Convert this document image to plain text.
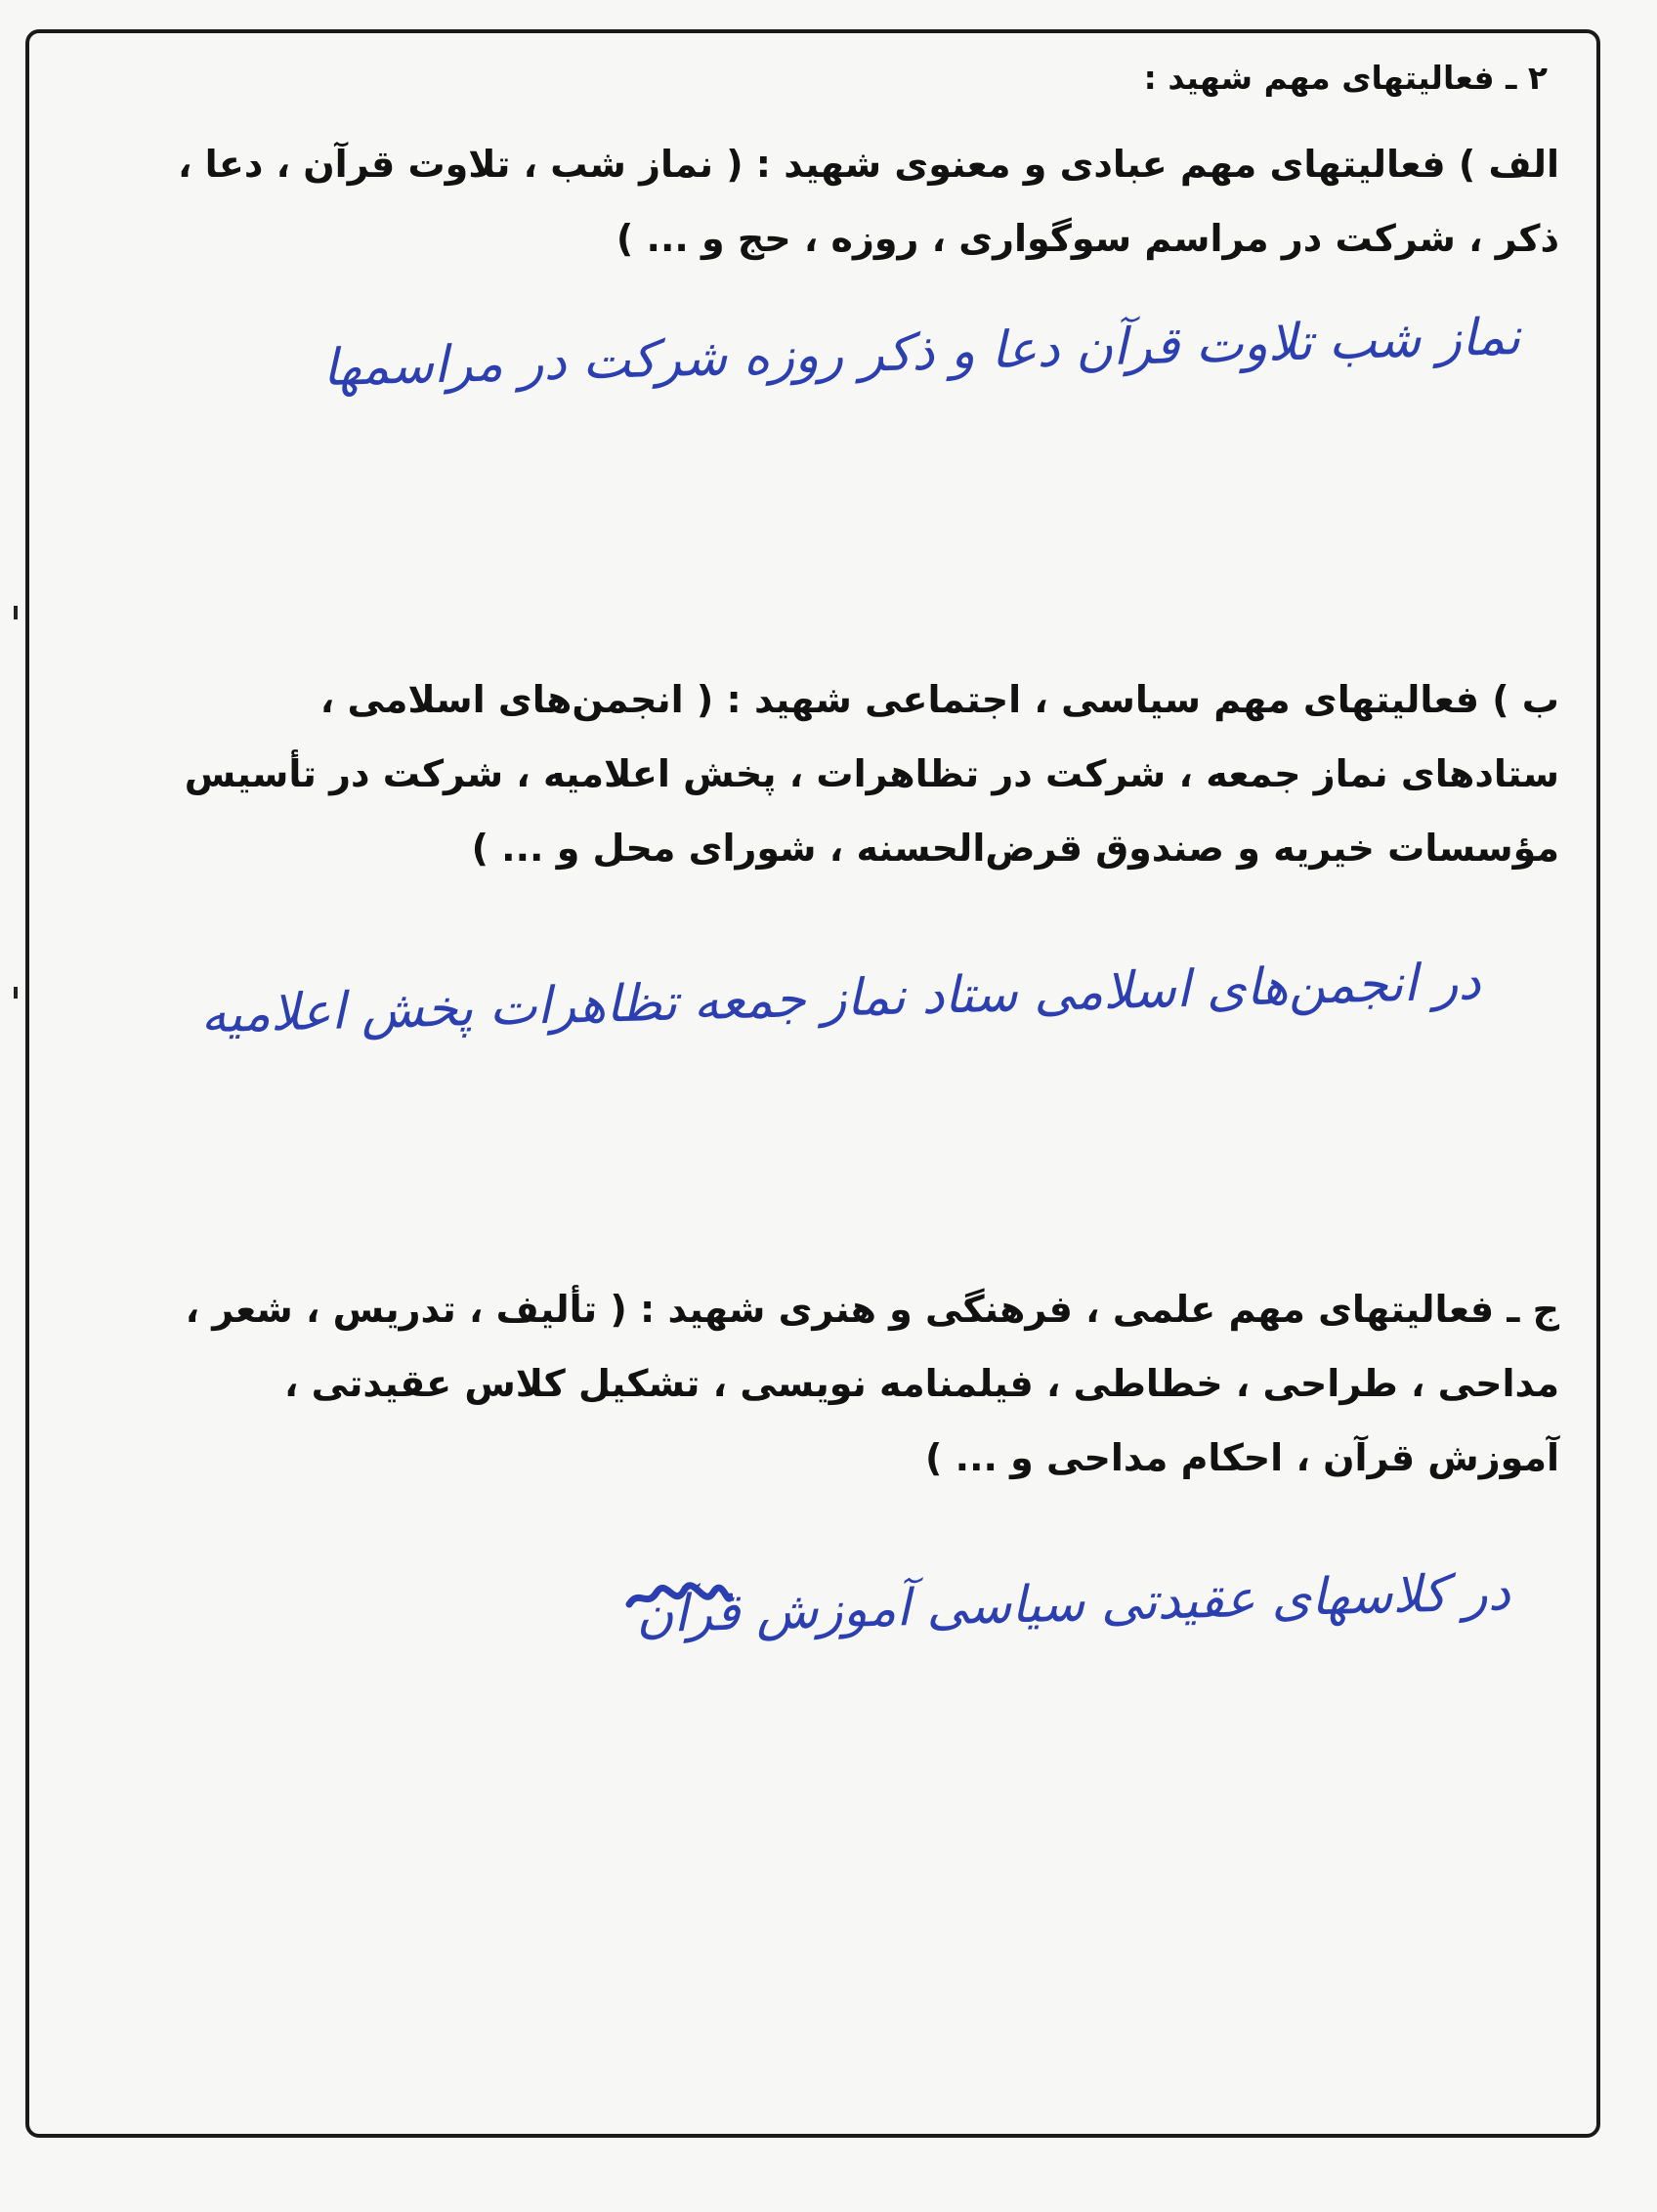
۲ ـ فعالیتهای مهم شهید :

الف ) فعالیتهای مهم عبادی و معنوی شهید : ( نماز شب ، تلاوت قرآن ، دعا ،
ذکر ، شرکت در مراسم سوگواری ، روزه ، حج و ... )

نماز شب تلاوت قرآن دعا و ذکر روزه شرکت در مراسمها

ب ) فعالیتهای مهم سیاسی ، اجتماعی شهید : ( انجمن‌های اسلامی ،
ستادهای نماز جمعه ، شرکت در تظاهرات ، پخش اعلامیه ، شرکت در تأسیس
مؤسسات خیریه و صندوق قرض‌الحسنه ، شورای محل و ... )

در انجمن‌های اسلامی ستاد نماز جمعه تظاهرات پخش اعلامیه

ج ـ فعالیتهای مهم علمی ، فرهنگی و هنری شهید : ( تألیف ، تدریس ، شعر ،
مداحی ، طراحی ، خطاطی ، فیلمنامه نویسی ، تشکیل کلاس عقیدتی ،
آموزش قرآن ، احکام مداحی و ... )

در کلاسهای عقیدتی سیاسی آموزش قرآن
